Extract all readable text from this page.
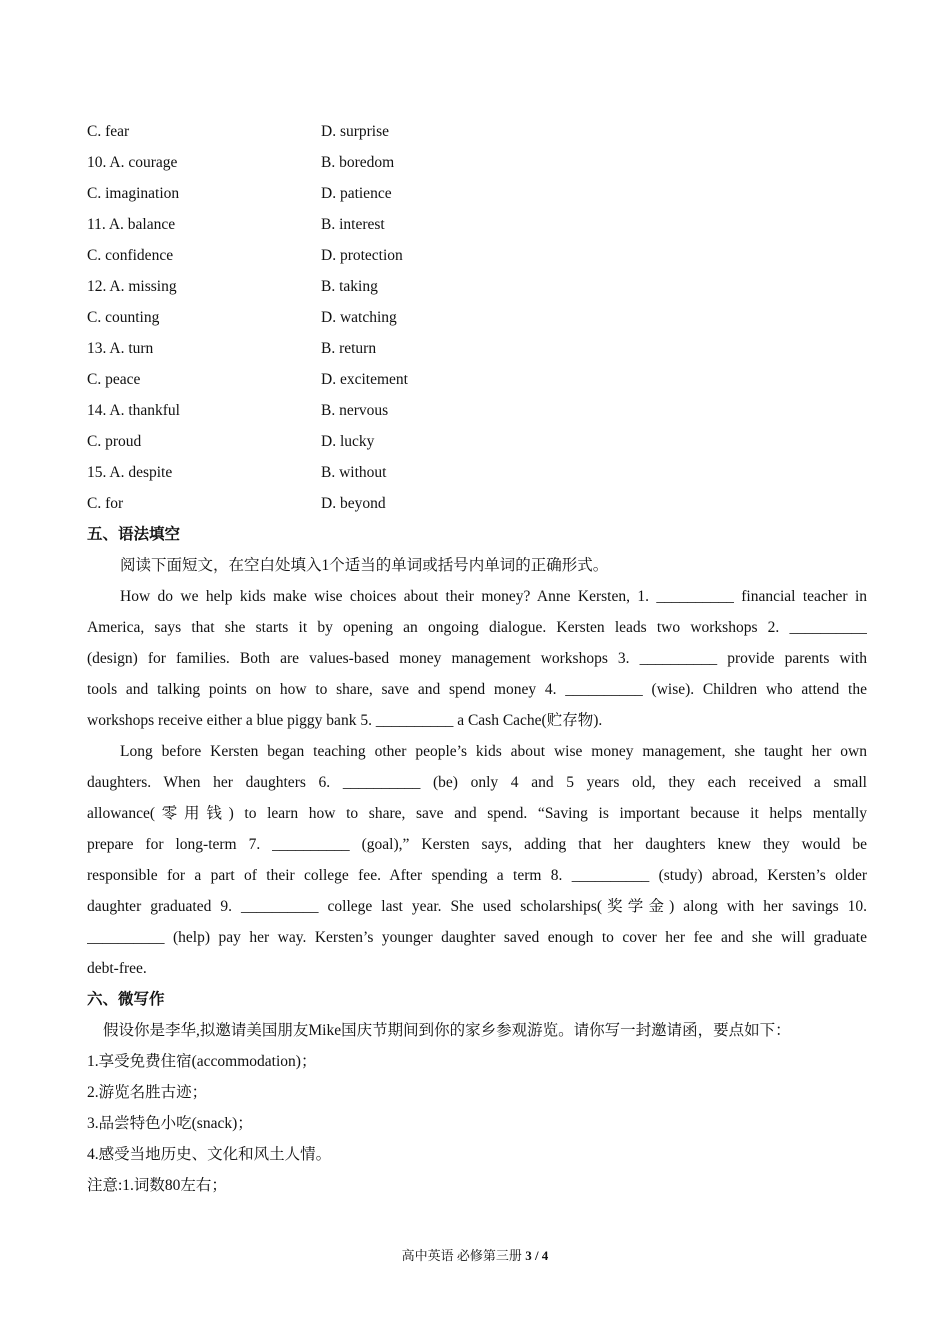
C. fear	D. surprise
10. A. courage	B. boredom
C. imagination	D. patience
11. A. balance	B. interest
C. confidence	D. protection
12. A. missing	B. taking
C. counting	D. watching
13. A. turn	B. return
C. peace	D. excitement
14. A. thankful	B. nervous
C. proud	D. lucky
15. A. despite	B. without
C. for	D. beyond
五、语法填空
阅读下面短文，在空白处填入1个适当的单词或括号内单词的正确形式。
How do we help kids make wise choices about their money? Anne Kersten, 1. __________ financial teacher in
America, says that she starts it by opening an ongoing dialogue. Kersten leads two workshops 2. __________
(design) for families. Both are values-based money management workshops 3. __________ provide parents with
tools and talking points on how to share, save and spend money 4. __________ (wise). Children who attend the
workshops receive either a blue piggy bank 5. __________ a Cash Cache(贮存物).
Long before Kersten began teaching other people’s kids about wise money management, she taught her own
daughters. When her daughters 6. __________ (be) only 4 and 5 years old, they each received a small
allowance(零用钱) to learn how to share, save and spend. “Saving is important because it helps mentally
prepare for long-term 7. __________ (goal),” Kersten says, adding that her daughters knew they would be
responsible for a part of their college fee. After spending a term 8. __________ (study) abroad, Kersten’s older
daughter graduated 9. __________ college last year. She used scholarships(奖学金) along with her savings 10.
__________ (help) pay her way. Kersten’s younger daughter saved enough to cover her fee and she will graduate
debt-free.
六、微写作
假设你是李华,拟邀请美国朋友Mike国庆节期间到你的家乡参观游览。请你写一封邀请函，要点如下：
1.享受免费住宿(accommodation)；
2.游览名胜古迹；
3.品尝特色小吃(snack)；
4.感受当地历史、文化和风土人情。
注意:1.词数80左右；
高中英语 必修第三册 3 / 4
